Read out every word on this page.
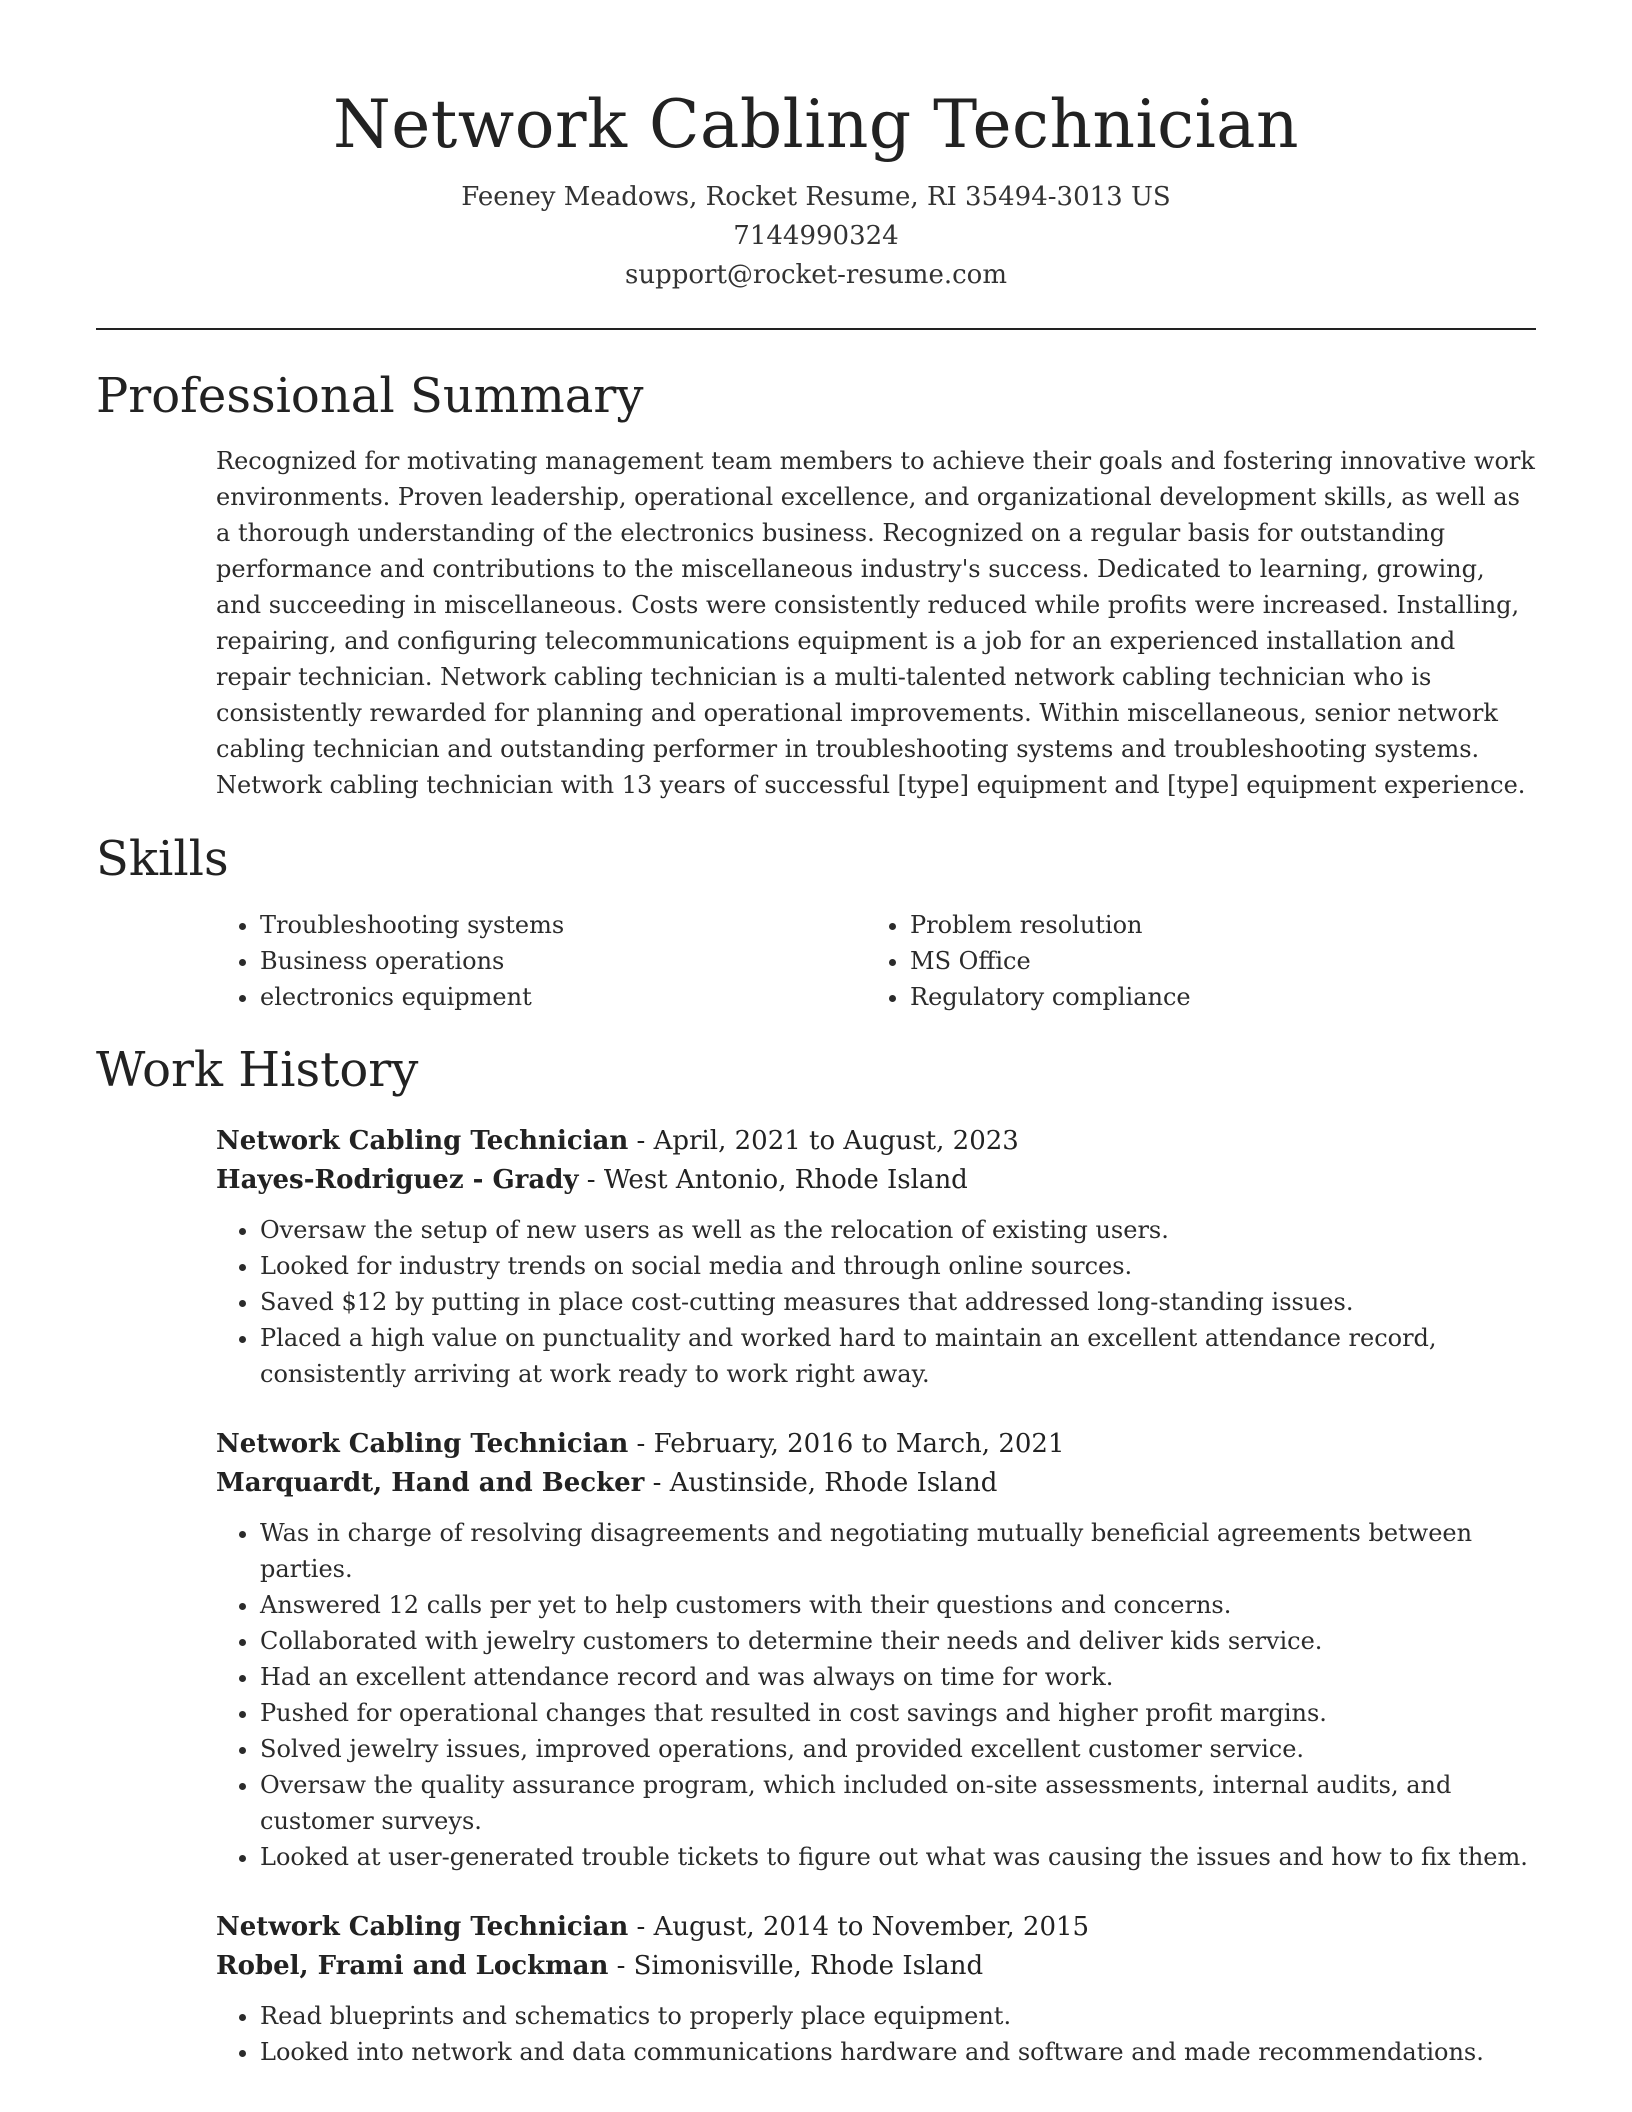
Network Cabling Technician
Feeney Meadows, Rocket Resume, RI 35494-3013 US
7144990324
support@rocket-resume.com
Professional Summary
Recognized for motivating management team members to achieve their goals and fostering innovative work environments. Proven leadership, operational excellence, and organizational development skills, as well as a thorough understanding of the electronics business. Recognized on a regular basis for outstanding performance and contributions to the miscellaneous industry's success. Dedicated to learning, growing, and succeeding in miscellaneous. Costs were consistently reduced while profits were increased. Installing, repairing, and configuring telecommunications equipment is a job for an experienced installation and repair technician. Network cabling technician is a multi-talented network cabling technician who is consistently rewarded for planning and operational improvements. Within miscellaneous, senior network cabling technician and outstanding performer in troubleshooting systems and troubleshooting systems. Network cabling technician with 13 years of successful [type] equipment and [type] equipment experience.
Skills
• Troubleshooting systems
• Business operations
• electronics equipment
• Problem resolution
• MS Office
• Regulatory compliance
Work History
Network Cabling Technician - April, 2021 to August, 2023
Hayes-Rodriguez - Grady - West Antonio, Rhode Island
• Oversaw the setup of new users as well as the relocation of existing users.
• Looked for industry trends on social media and through online sources.
• Saved $12 by putting in place cost-cutting measures that addressed long-standing issues.
• Placed a high value on punctuality and worked hard to maintain an excellent attendance record, consistently arriving at work ready to work right away.
Network Cabling Technician - February, 2016 to March, 2021
Marquardt, Hand and Becker - Austinside, Rhode Island
• Was in charge of resolving disagreements and negotiating mutually beneficial agreements between parties.
• Answered 12 calls per yet to help customers with their questions and concerns.
• Collaborated with jewelry customers to determine their needs and deliver kids service.
• Had an excellent attendance record and was always on time for work.
• Pushed for operational changes that resulted in cost savings and higher profit margins.
• Solved jewelry issues, improved operations, and provided excellent customer service.
• Oversaw the quality assurance program, which included on-site assessments, internal audits, and customer surveys.
• Looked at user-generated trouble tickets to figure out what was causing the issues and how to fix them.
Network Cabling Technician - August, 2014 to November, 2015
Robel, Frami and Lockman - Simonisville, Rhode Island
• Read blueprints and schematics to properly place equipment.
• Looked into network and data communications hardware and software and made recommendations.
